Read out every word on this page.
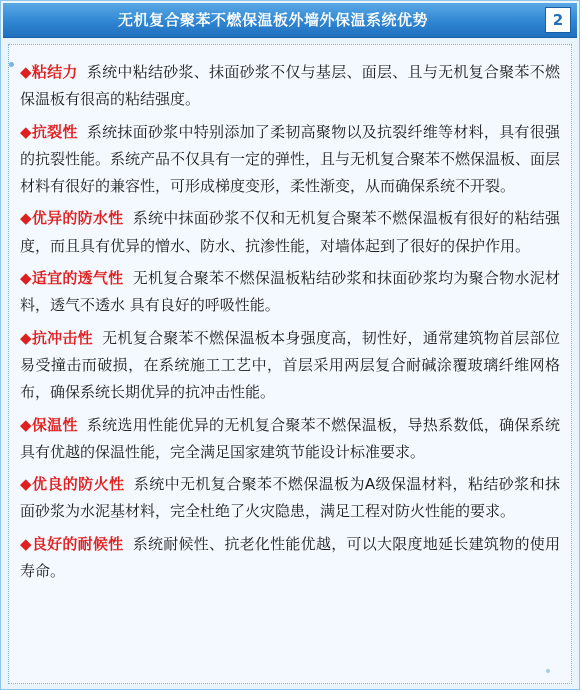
无机复合聚苯不燃保温板外墙外保温系统优势	2

◆粘结力 系统中粘结砂浆、抹面砂浆不仅与基层、面层、且与无机复合聚苯不燃保温板有很高的粘结强度。

◆抗裂性 系统抹面砂浆中特别添加了柔韧高聚物以及抗裂纤维等材料，具有很强的抗裂性能。系统产品不仅具有一定的弹性，且与无机复合聚苯不燃保温板、面层材料有很好的兼容性，可形成梯度变形，柔性渐变，从而确保系统不开裂。

◆优异的防水性 系统中抹面砂浆不仅和无机复合聚苯不燃保温板有很好的粘结强度，而且具有优异的憎水、防水、抗渗性能，对墙体起到了很好的保护作用。

◆适宜的透气性 无机复合聚苯不燃保温板粘结砂浆和抹面砂浆均为聚合物水泥材料，透气不透水 具有良好的呼吸性能。

◆抗冲击性 无机复合聚苯不燃保温板本身强度高，韧性好，通常建筑物首层部位易受撞击而破损，在系统施工工艺中，首层采用两层复合耐碱涂覆玻璃纤维网格布，确保系统长期优异的抗冲击性能。

◆保温性 系统选用性能优异的无机复合聚苯不燃保温板，导热系数低，确保系统具有优越的保温性能，完全满足国家建筑节能设计标准要求。

◆优良的防火性 系统中无机复合聚苯不燃保温板为A级保温材料，粘结砂浆和抹面砂浆为水泥基材料，完全杜绝了火灾隐患，满足工程对防火性能的要求。

◆良好的耐候性 系统耐候性、抗老化性能优越，可以大限度地延长建筑物的使用寿命。
